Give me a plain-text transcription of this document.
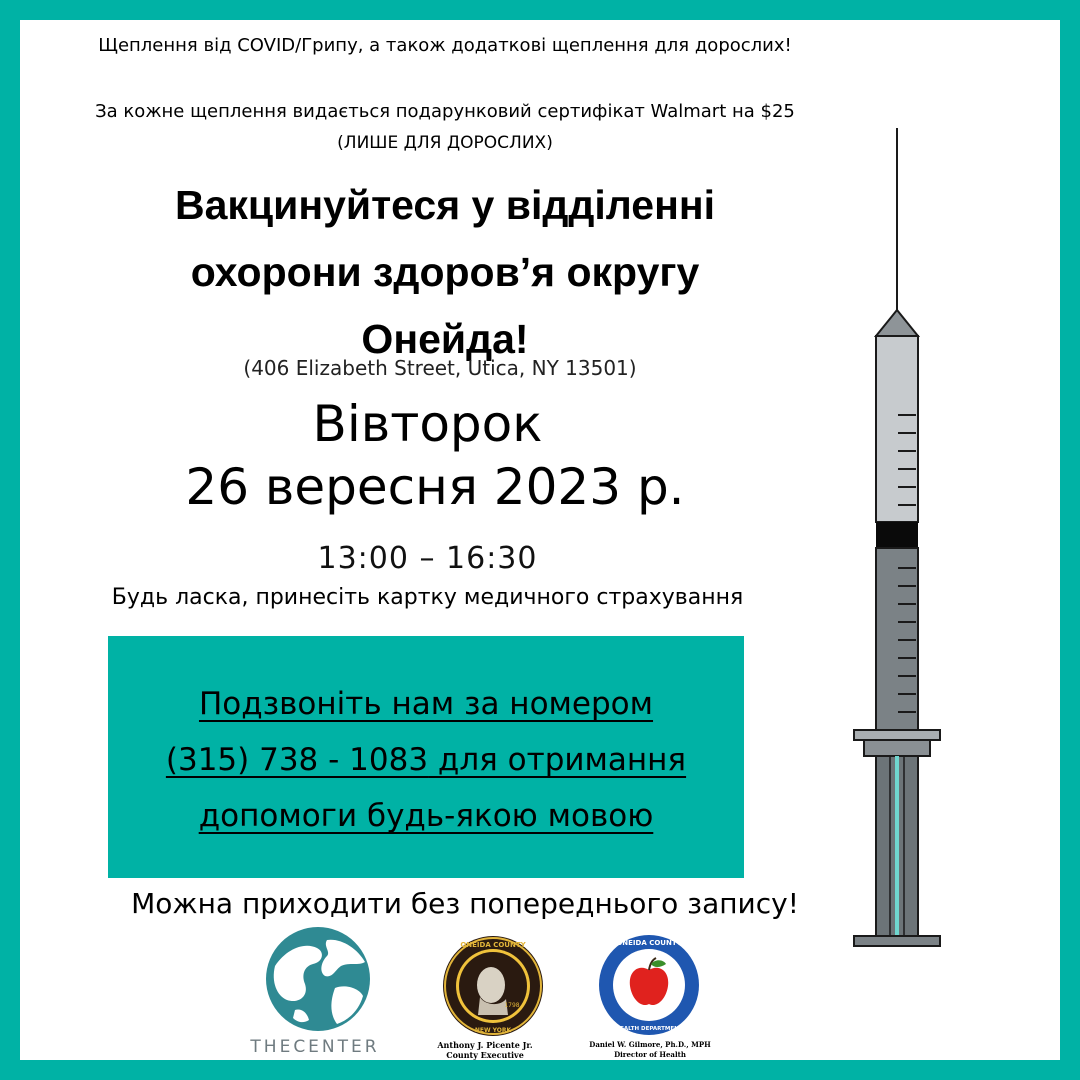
Щеплення від COVID/Грипу, а також додаткові щеплення для дорослих!
За кожне щеплення видається подарунковий сертифікат Walmart на $25
(ЛИШЕ ДЛЯ ДОРОСЛИХ)
Вакцинуйтеся у відділенні
охорони здоров’я округу
Онейда!
(406 Elizabeth Street, Utica, NY 13501)
Вівторок
26 вересня 2023 р.
13:00 – 16:30
Будь ласка, принесіть картку медичного страхування
Подзвоніть нам за номером
(315) 738 - 1083 для отримання
допомоги будь-якою мовою
Можна приходити без попереднього запису!
THECENTER
ONEIDA COUNTY
NEW YORK
1798
Anthony J. Picente Jr.
County Executive
ONEIDA COUNTY
HEALTH DEPARTMENT
Daniel W. Gilmore, Ph.D., MPH
Director of Health
